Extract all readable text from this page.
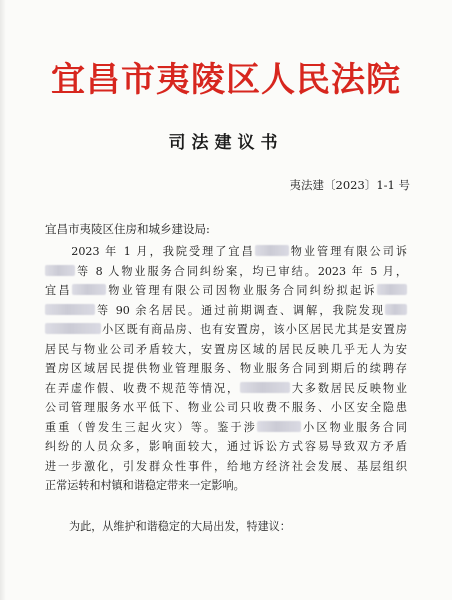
宜昌市夷陵区人民法院
司法建议书
夷法建〔2023〕1-1 号
宜昌市夷陵区住房和城乡建设局:
　　2023 年 1 月，我院受理了宜昌	物业管理有限公司诉
等 8 人物业服务合同纠纷案，均已审结。2023 年 5 月，
宜昌	物业管理有限公司因物业服务合同纠纷拟起诉
等 90 余名居民。通过前期调查、调解，我院发现
小区既有商品房、也有安置房，该小区居民尤其是安置房
居民与物业公司矛盾较大，安置房区域的居民反映几乎无人为安
置房区域居民提供物业管理服务、物业服务合同到期后的续聘存
在弄虚作假、收费不规范等情况，	大多数居民反映物业
公司管理服务水平低下、物业公司只收费不服务、小区安全隐患
重重（曾发生三起火灾）等。鉴于涉	小区物业服务合同
纠纷的人员众多，影响面较大，通过诉讼方式容易导致双方矛盾
进一步激化，引发群众性事件，给地方经济社会发展、基层组织
正常运转和村镇和谐稳定带来一定影响。
为此，从维护和谐稳定的大局出发，特建议：
